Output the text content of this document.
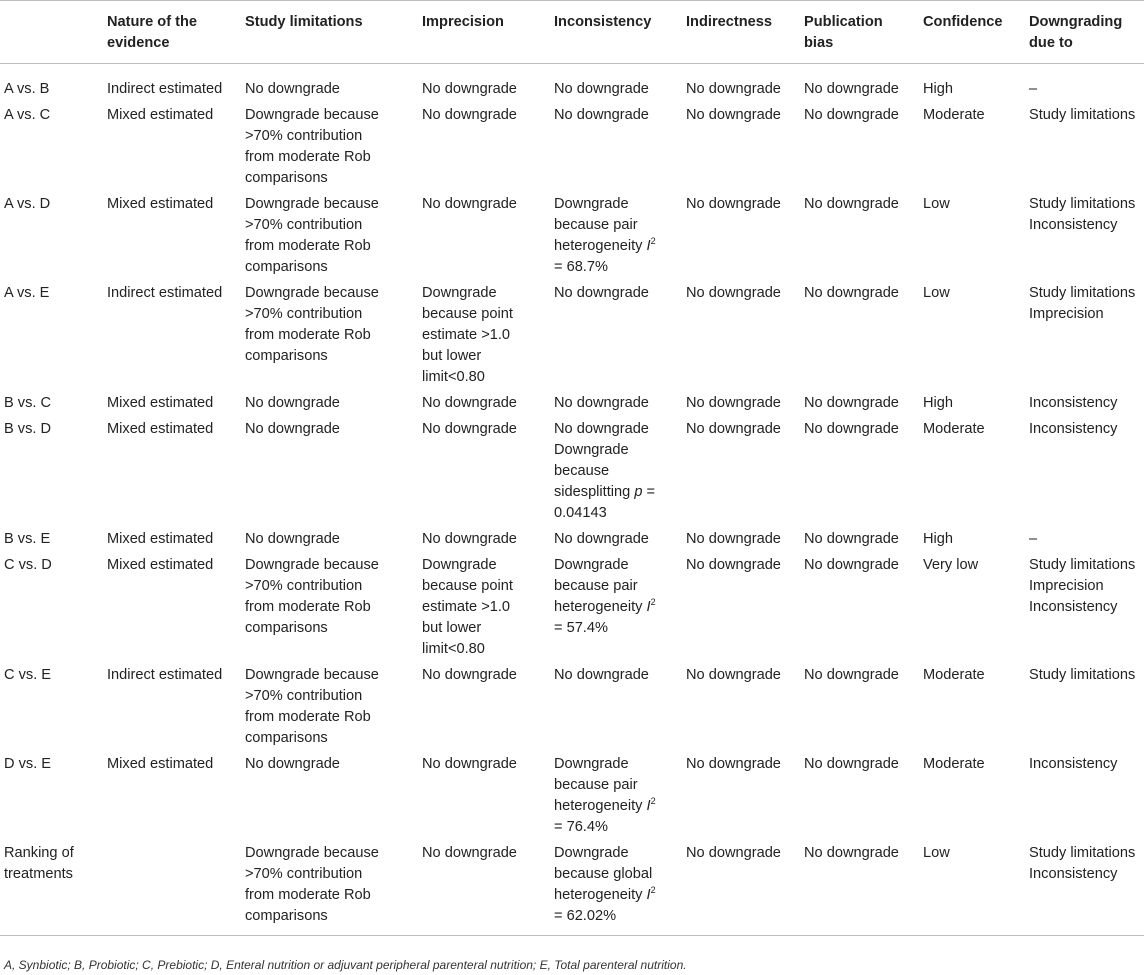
	Nature of the
evidence	Study limitations	Imprecision	Inconsistency	Indirectness	Publication
bias	Confidence	Downgrading
due to

A vs. B	Indirect estimated	No downgrade	No downgrade	No downgrade	No downgrade	No downgrade	High	–

A vs. C	Mixed estimated	Downgrade because
>70% contribution
from moderate Rob
comparisons	No downgrade	No downgrade	No downgrade	No downgrade	Moderate	Study limitations

A vs. D	Mixed estimated	Downgrade because
>70% contribution
from moderate Rob
comparisons	No downgrade	Downgrade
because pair
heterogeneity $I^2$
= 68.7%	No downgrade	No downgrade	Low	Study limitations
Inconsistency

A vs. E	Indirect estimated	Downgrade because
>70% contribution
from moderate Rob
comparisons	Downgrade
because point
estimate >1.0
but lower
limit<0.80	No downgrade	No downgrade	No downgrade	Low	Study limitations
Imprecision

B vs. C	Mixed estimated	No downgrade	No downgrade	No downgrade	No downgrade	No downgrade	High	Inconsistency

B vs. D	Mixed estimated	No downgrade	No downgrade	No downgrade
Downgrade
because
sidesplitting p =
0.04143	No downgrade	No downgrade	Moderate	Inconsistency

B vs. E	Mixed estimated	No downgrade	No downgrade	No downgrade	No downgrade	No downgrade	High	–

C vs. D	Mixed estimated	Downgrade because
>70% contribution
from moderate Rob
comparisons	Downgrade
because point
estimate >1.0
but lower
limit<0.80	Downgrade
because pair
heterogeneity $I^2$
= 57.4%	No downgrade	No downgrade	Very low	Study limitations
Imprecision
Inconsistency

C vs. E	Indirect estimated	Downgrade because
>70% contribution
from moderate Rob
comparisons	No downgrade	No downgrade	No downgrade	No downgrade	Moderate	Study limitations

D vs. E	Mixed estimated	No downgrade	No downgrade	Downgrade
because pair
heterogeneity $I^2$
= 76.4%	No downgrade	No downgrade	Moderate	Inconsistency

Ranking of
treatments		Downgrade because
>70% contribution
from moderate Rob
comparisons	No downgrade	Downgrade
because global
heterogeneity $I^2$
= 62.02%	No downgrade	No downgrade	Low	Study limitations
Inconsistency
A, Synbiotic; B, Probiotic; C, Prebiotic; D, Enteral nutrition or adjuvant peripheral parenteral nutrition; E, Total parenteral nutrition.
